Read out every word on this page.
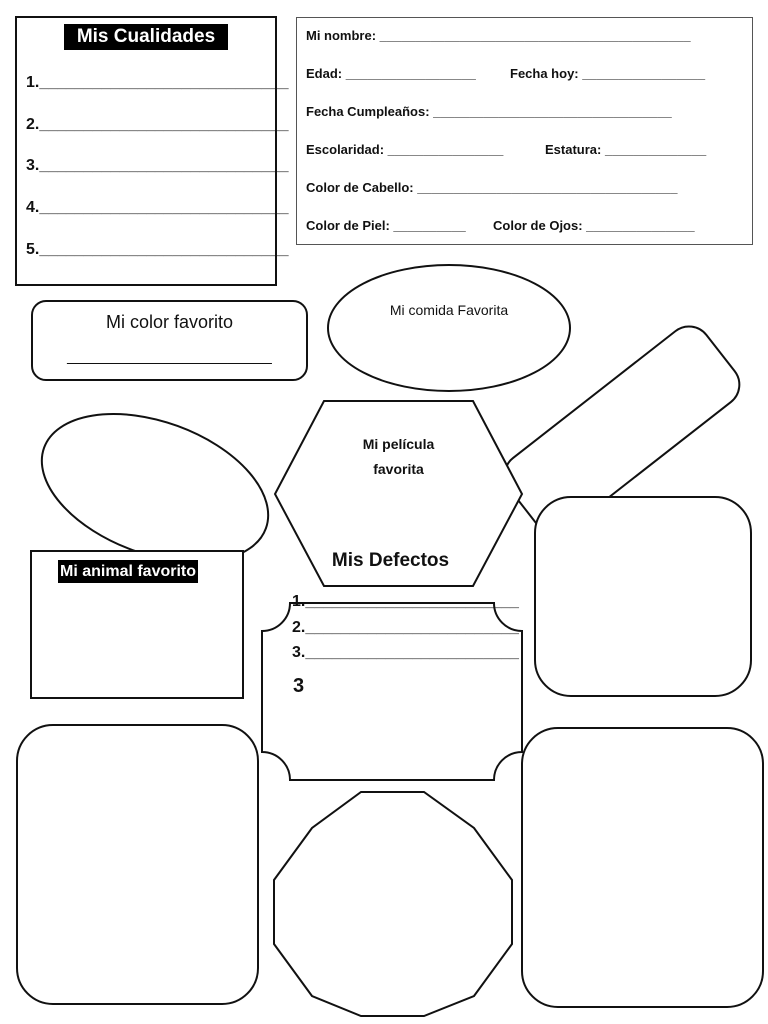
Mis Cualidades
1.____________________________
2.____________________________
3.____________________________
4.____________________________
5.____________________________
Mi nombre: ___________________________________________
Edad: __________________	Fecha hoy: _________________
Fecha Cumpleaños: _________________________________
Escolaridad: ________________	Estatura: ______________
Color de Cabello: ____________________________________
Color de Piel: __________ Color de Ojos: _______________
Mi color favorito
_______________________
Mi comida Favorita
Mi película
favorita
Mis Defectos
Mi animal favorito
1.________________________
2.________________________
3.________________________
3
